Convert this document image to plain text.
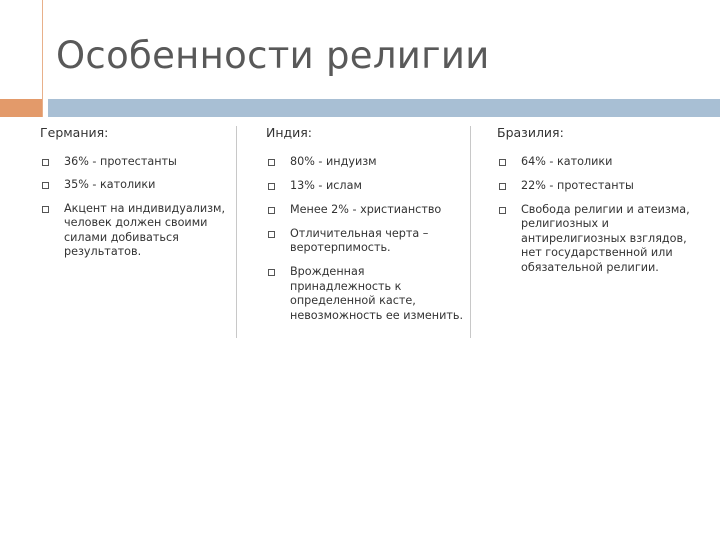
Особенности религии
Германия:
36% - протестанты
35% - католики
Акцент на индивидуализм, человек должен своими силами добиваться результатов.
Индия:
80% - индуизм
13% - ислам
Менее 2% - христианство
Отличительная черта – веротерпимость.
Врожденная принадлежность к определенной касте, невозможность ее изменить.
Бразилия:
64% - католики
22% - протестанты
Свобода религии и атеизма, религиозных и антирелигиозных взглядов, нет государственной или обязательной религии.
